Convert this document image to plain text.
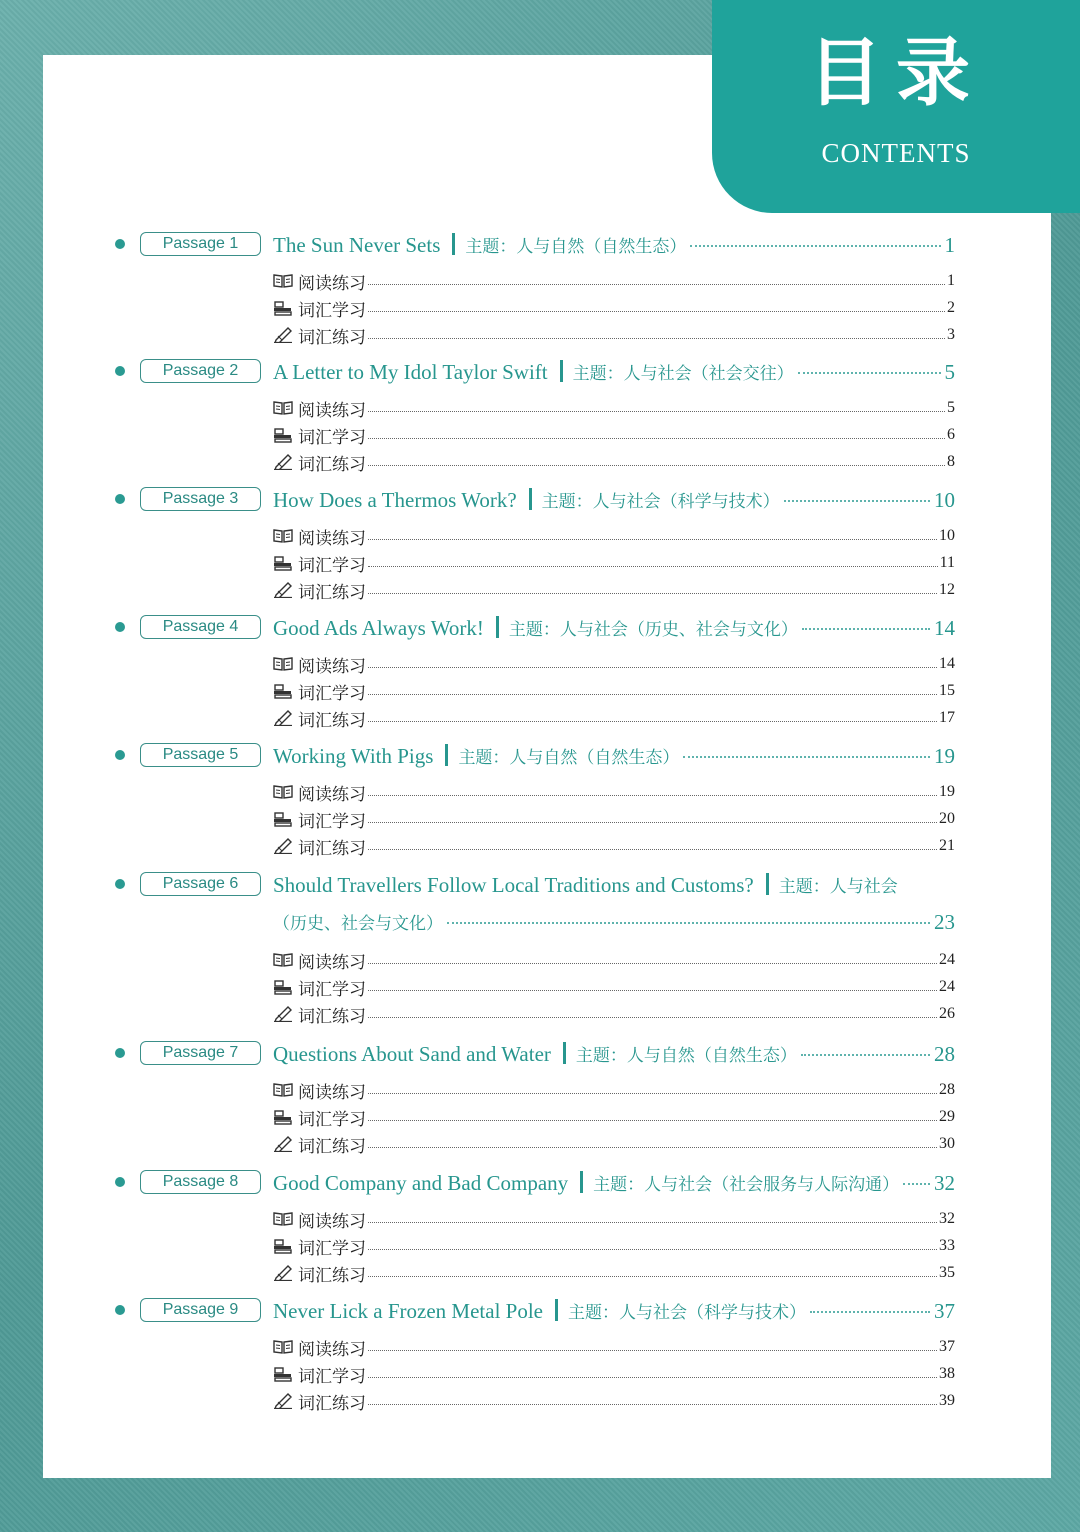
目录
CONTENTS
Passage 1	The Sun Never Sets 主题：人与自然（自然生态）	1
阅读练习	1
词汇学习	2
词汇练习	3
Passage 2	A Letter to My Idol Taylor Swift 主题：人与社会（社会交往）	5
阅读练习	5
词汇学习	6
词汇练习	8
Passage 3	How Does a Thermos Work? 主题：人与社会（科学与技术）	10
阅读练习	10
词汇学习	11
词汇练习	12
Passage 4	Good Ads Always Work! 主题：人与社会（历史、社会与文化）	14
阅读练习	14
词汇学习	15
词汇练习	17
Passage 5	Working With Pigs 主题：人与自然（自然生态）	19
阅读练习	19
词汇学习	20
词汇练习	21
Passage 6	Should Travellers Follow Local Traditions and Customs? 主题：人与社会
（历史、社会与文化）	23
阅读练习	24
词汇学习	24
词汇练习	26
Passage 7	Questions About Sand and Water 主题：人与自然（自然生态）	28
阅读练习	28
词汇学习	29
词汇练习	30
Passage 8	Good Company and Bad Company 主题：人与社会（社会服务与人际沟通） 32
阅读练习	32
词汇学习	33
词汇练习	35
Passage 9	Never Lick a Frozen Metal Pole 主题：人与社会（科学与技术）	37
阅读练习	37
词汇学习	38
词汇练习	39
